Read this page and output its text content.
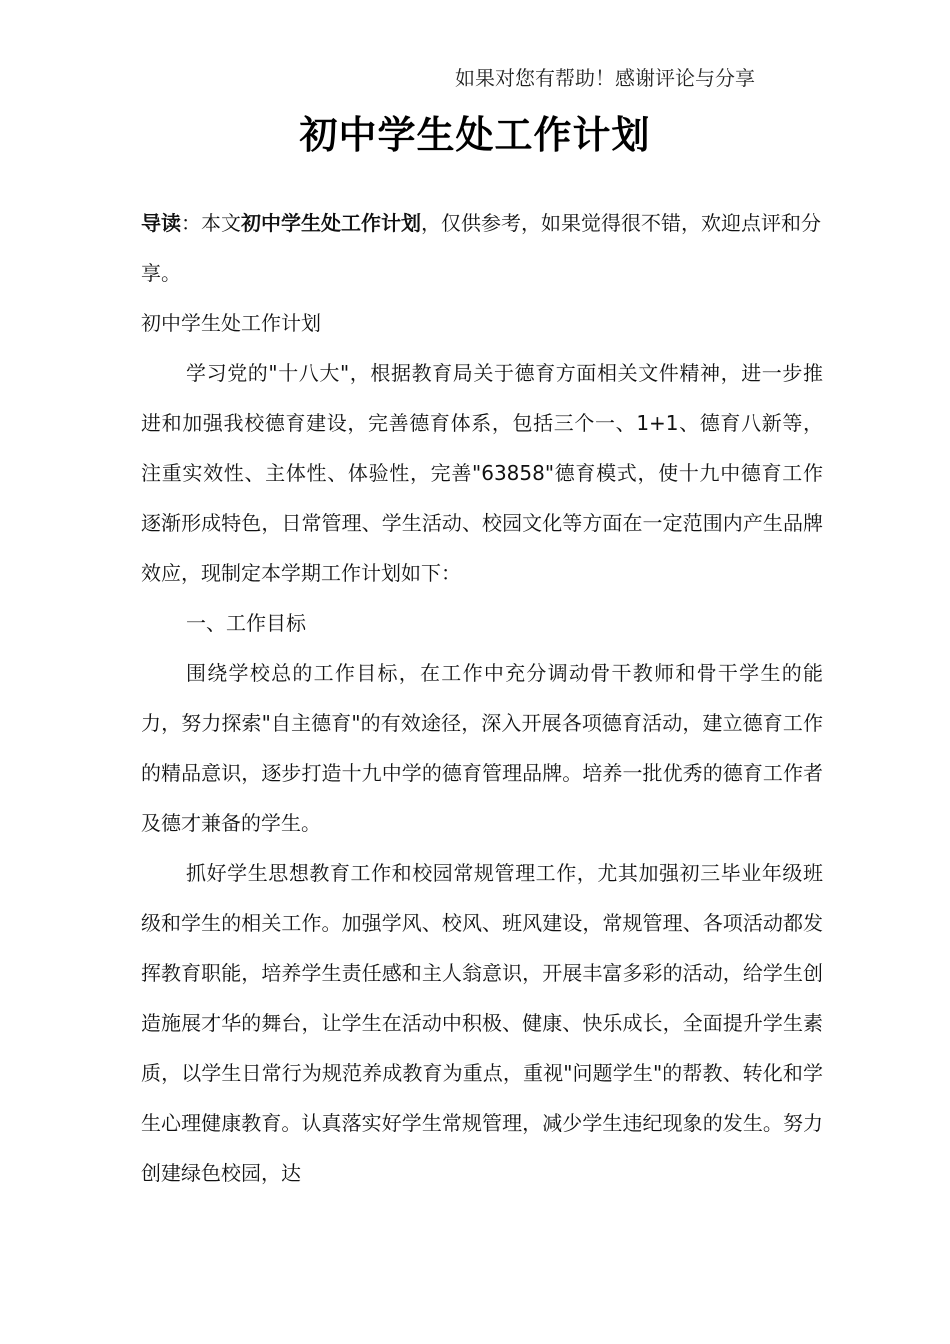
如果对您有帮助！感谢评论与分享
初中学生处工作计划
导读：本文初中学生处工作计划，仅供参考，如果觉得很不错，欢迎点评和分享。
初中学生处工作计划

学习党的"十八大"，根据教育局关于德育方面相关文件精神，进一步推进和加强我校德育建设，完善德育体系，包括三个一、1+1、德育八新等，注重实效性、主体性、体验性，完善"63858"德育模式，使十九中德育工作逐渐形成特色，日常管理、学生活动、校园文化等方面在一定范围内产生品牌效应，现制定本学期工作计划如下：

一、工作目标

围绕学校总的工作目标，在工作中充分调动骨干教师和骨干学生的能力，努力探索"自主德育"的有效途径，深入开展各项德育活动，建立德育工作的精品意识，逐步打造十九中学的德育管理品牌。培养一批优秀的德育工作者及德才兼备的学生。

抓好学生思想教育工作和校园常规管理工作，尤其加强初三毕业年级班级和学生的相关工作。加强学风、校风、班风建设，常规管理、各项活动都发挥教育职能，培养学生责任感和主人翁意识，开展丰富多彩的活动，给学生创造施展才华的舞台，让学生在活动中积极、健康、快乐成长，全面提升学生素质，以学生日常行为规范养成教育为重点，重视"问题学生"的帮教、转化和学生心理健康教育。认真落实好学生常规管理，减少学生违纪现象的发生。努力创建绿色校园，达
